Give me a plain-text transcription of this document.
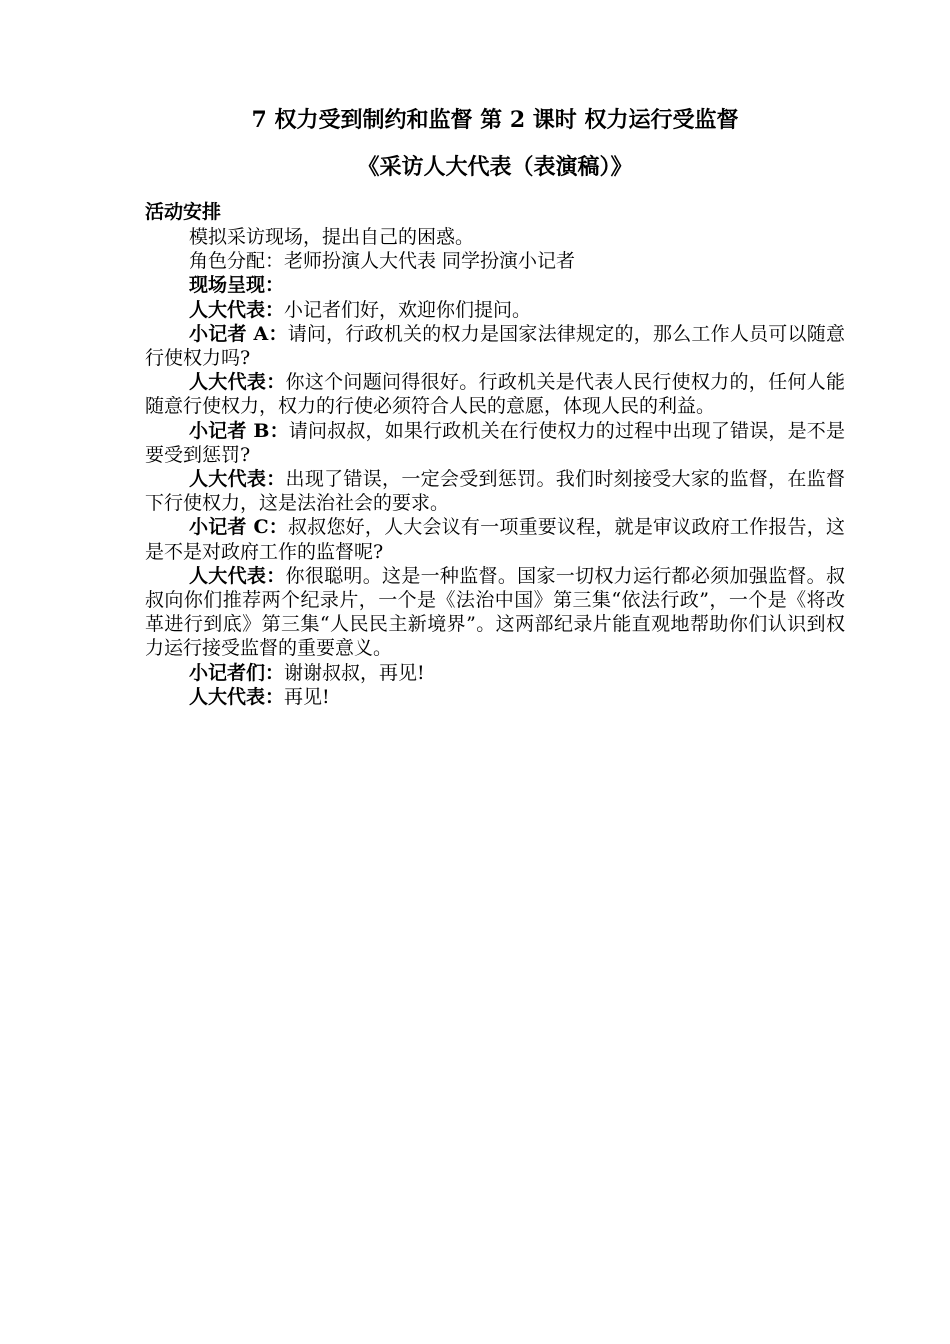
7 权力受到制约和监督 第 2 课时 权力运行受监督
《采访人大代表（表演稿）》
活动安排

模拟采访现场，提出自己的困惑。

角色分配：老师扮演人大代表 同学扮演小记者

现场呈现：

人大代表：小记者们好，欢迎你们提问。

小记者 A：请问，行政机关的权力是国家法律规定的，那么工作人员可以随意行使权力吗?

人大代表：你这个问题问得很好。行政机关是代表人民行使权力的，任何人能随意行使权力，权力的行使必须符合人民的意愿，体现人民的利益。

小记者 B：请问叔叔，如果行政机关在行使权力的过程中出现了错误，是不是要受到惩罚?

人大代表：出现了错误，一定会受到惩罚。我们时刻接受大家的监督，在监督下行使权力，这是法治社会的要求。

小记者 C：叔叔您好，人大会议有一项重要议程，就是审议政府工作报告，这是不是对政府工作的监督呢?

人大代表：你很聪明。这是一种监督。国家一切权力运行都必须加强监督。叔叔向你们推荐两个纪录片，一个是《法治中国》第三集“依法行政”，一个是《将改革进行到底》第三集“人民民主新境界”。这两部纪录片能直观地帮助你们认识到权力运行接受监督的重要意义。

小记者们：谢谢叔叔，再见!

人大代表：再见!
